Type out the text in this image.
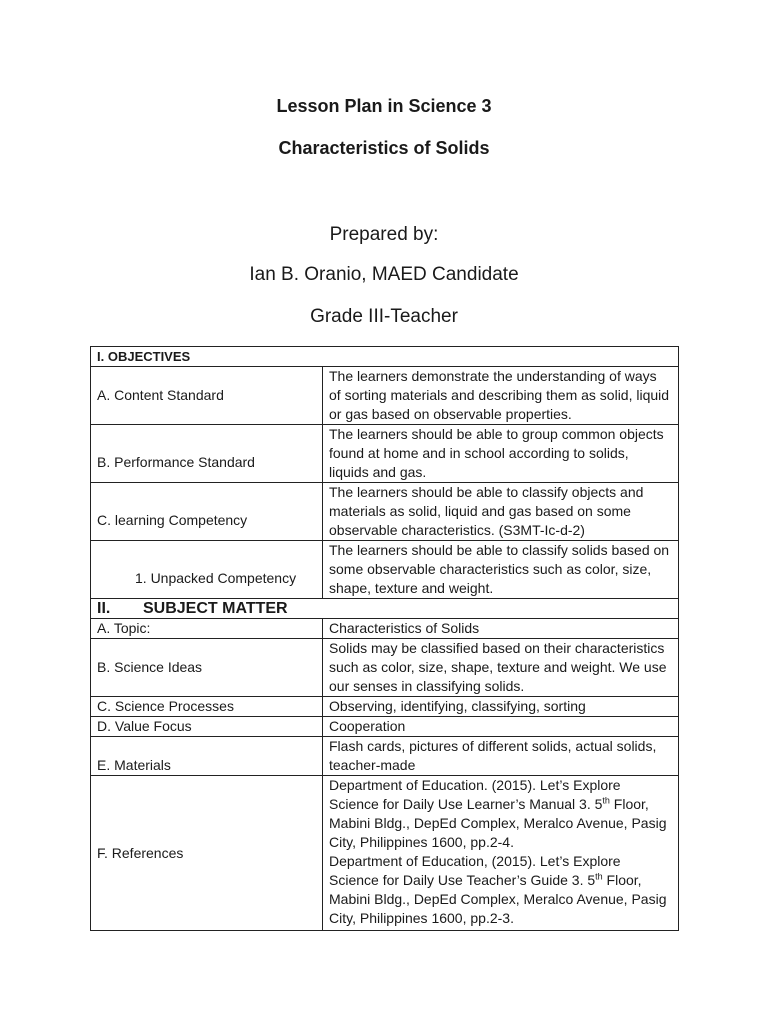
Lesson Plan in Science 3
Characteristics of Solids
Prepared by:
Ian B. Oranio, MAED Candidate
Grade III-Teacher
I. OBJECTIVES	
A. Content Standard	The learners demonstrate the understanding of ways of sorting materials and describing them as solid, liquid or gas based on observable properties.
B. Performance Standard	The learners should be able to group common objects found at home and in school according to solids, liquids and gas.
C. learning Competency	The learners should be able to classify objects and materials as solid, liquid and gas based on some observable characteristics. (S3MT-Ic-d-2)
1. Unpacked Competency	The learners should be able to classify solids based on some observable characteristics such as color, size, shape, texture and weight.
II. SUBJECT MATTER	
A. Topic:	Characteristics of Solids
B. Science Ideas	Solids may be classified based on their characteristics such as color, size, shape, texture and weight. We use our senses in classifying solids.
C. Science Processes	Observing, identifying, classifying, sorting
D. Value Focus	Cooperation
E. Materials	Flash cards, pictures of different solids, actual solids, teacher-made
F. References	Department of Education. (2015). Let’s Explore Science for Daily Use Learner’s Manual 3. 5th Floor, Mabini Bldg., DepEd Complex, Meralco Avenue, Pasig City, Philippines 1600, pp.2-4.
Department of Education, (2015). Let’s Explore Science for Daily Use Teacher’s Guide 3. 5th Floor, Mabini Bldg., DepEd Complex, Meralco Avenue, Pasig City, Philippines 1600, pp.2-3.
